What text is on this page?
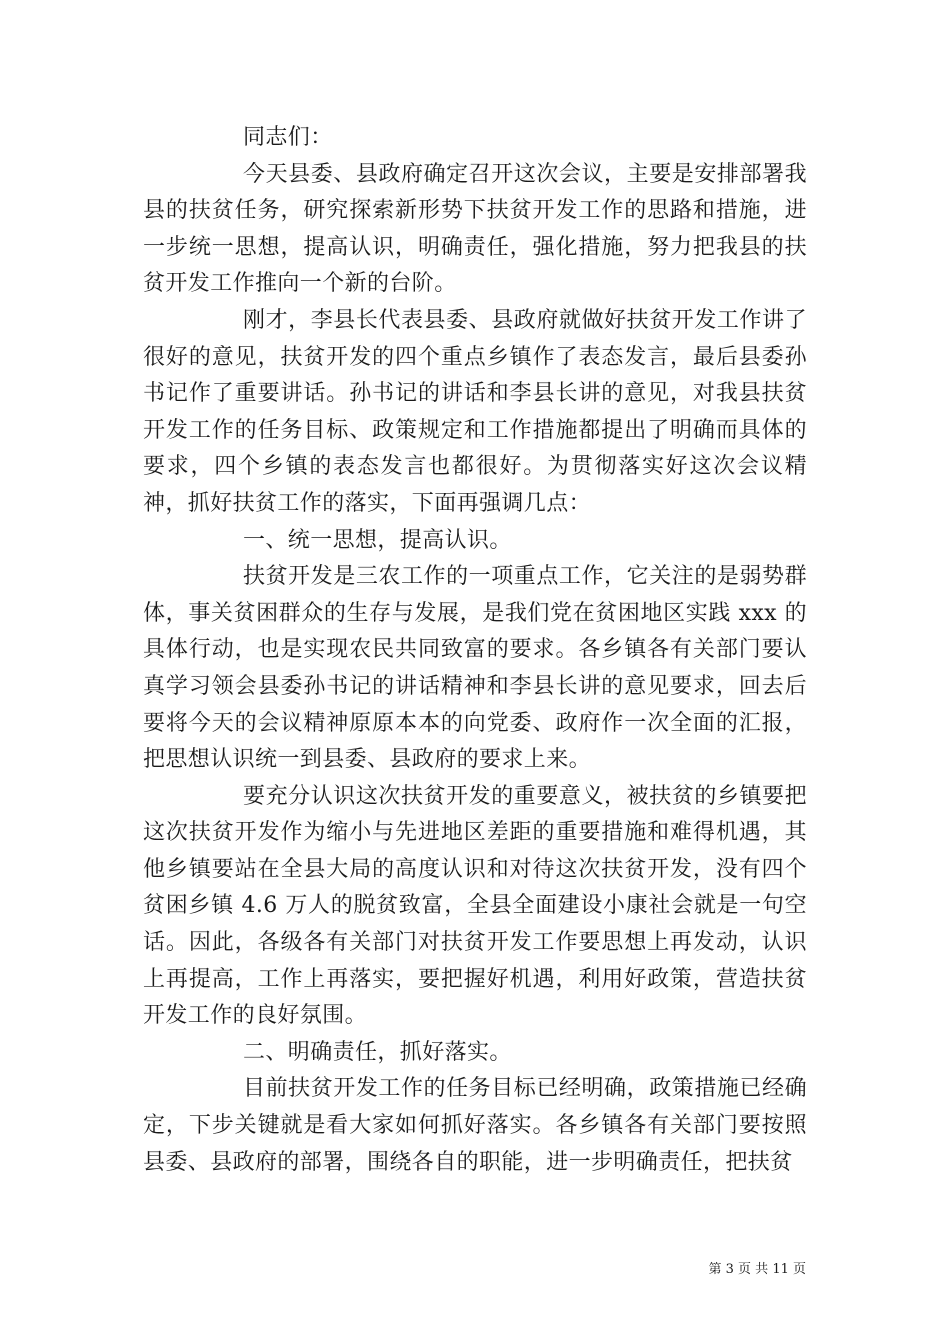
同志们：

今天县委、县政府确定召开这次会议，主要是安排部署我县的扶贫任务，研究探索新形势下扶贫开发工作的思路和措施，进一步统一思想，提高认识，明确责任，强化措施，努力把我县的扶贫开发工作推向一个新的台阶。

刚才，李县长代表县委、县政府就做好扶贫开发工作讲了很好的意见，扶贫开发的四个重点乡镇作了表态发言，最后县委孙书记作了重要讲话。孙书记的讲话和李县长讲的意见，对我县扶贫开发工作的任务目标、政策规定和工作措施都提出了明确而具体的要求，四个乡镇的表态发言也都很好。为贯彻落实好这次会议精神，抓好扶贫工作的落实，下面再强调几点：

一、统一思想，提高认识。

扶贫开发是三农工作的一项重点工作，它关注的是弱势群体，事关贫困群众的生存与发展，是我们党在贫困地区实践 xxx 的具体行动，也是实现农民共同致富的要求。各乡镇各有关部门要认真学习领会县委孙书记的讲话精神和李县长讲的意见要求，回去后要将今天的会议精神原原本本的向党委、政府作一次全面的汇报，把思想认识统一到县委、县政府的要求上来。

要充分认识这次扶贫开发的重要意义，被扶贫的乡镇要把这次扶贫开发作为缩小与先进地区差距的重要措施和难得机遇，其他乡镇要站在全县大局的高度认识和对待这次扶贫开发，没有四个贫困乡镇 4.6 万人的脱贫致富，全县全面建设小康社会就是一句空话。因此，各级各有关部门对扶贫开发工作要思想上再发动，认识上再提高，工作上再落实，要把握好机遇，利用好政策，营造扶贫开发工作的良好氛围。

二、明确责任，抓好落实。

目前扶贫开发工作的任务目标已经明确，政策措施已经确定，下步关键就是看大家如何抓好落实。各乡镇各有关部门要按照县委、县政府的部署，围绕各自的职能，进一步明确责任，把扶贫

第 3 页 共 11 页
